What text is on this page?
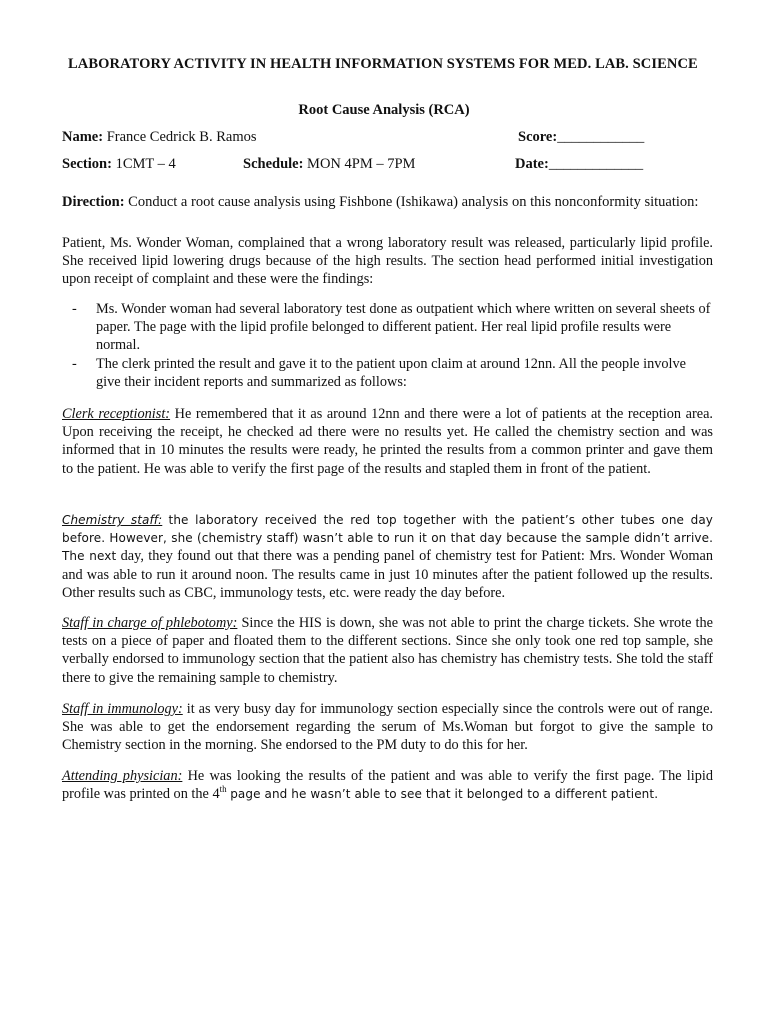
LABORATORY ACTIVITY IN HEALTH INFORMATION SYSTEMS FOR MED. LAB. SCIENCE
Root Cause Analysis (RCA)
Name: France Cedrick B. Ramos	Score:____________
Section: 1CMT – 4	Schedule: MON 4PM – 7PM	Date:_____________
Direction: Conduct a root cause analysis using Fishbone (Ishikawa) analysis on this nonconformity situation:
Patient, Ms. Wonder Woman, complained that a wrong laboratory result was released, particularly lipid profile. She received lipid lowering drugs because of the high results. The section head performed initial investigation upon receipt of complaint and these were the findings:
- Ms. Wonder woman had several laboratory test done as outpatient which where written on several sheets of paper. The page with the lipid profile belonged to different patient. Her real lipid profile results were normal.
- The clerk printed the result and gave it to the patient upon claim at around 12nn. All the people involve give their incident reports and summarized as follows:
Clerk receptionist: He remembered that it as around 12nn and there were a lot of patients at the reception area. Upon receiving the receipt, he checked ad there were no results yet. He called the chemistry section and was informed that in 10 minutes the results were ready, he printed the results from a common printer and gave them to the patient. He was able to verify the first page of the results and stapled them in front of the patient.
Chemistry staff: the laboratory received the red top together with the patient’s other tubes one day before. However, she (chemistry staff) wasn’t able to run it on that day because the sample didn’t arrive. The next day, they found out that there was a pending panel of chemistry test for Patient: Mrs. Wonder Woman and was able to run it around noon. The results came in just 10 minutes after the patient followed up the results. Other results such as CBC, immunology tests, etc. were ready the day before.
Staff in charge of phlebotomy: Since the HIS is down, she was not able to print the charge tickets. She wrote the tests on a piece of paper and floated them to the different sections. Since she only took one red top sample, she verbally endorsed to immunology section that the patient also has chemistry has chemistry tests. She told the staff there to give the remaining sample to chemistry.
Staff in immunology: it as very busy day for immunology section especially since the controls were out of range. She was able to get the endorsement regarding the serum of Ms.Woman but forgot to give the sample to Chemistry section in the morning. She endorsed to the PM duty to do this for her.
Attending physician: He was looking the results of the patient and was able to verify the first page. The lipid profile was printed on the 4th page and he wasn’t able to see that it belonged to a different patient.
